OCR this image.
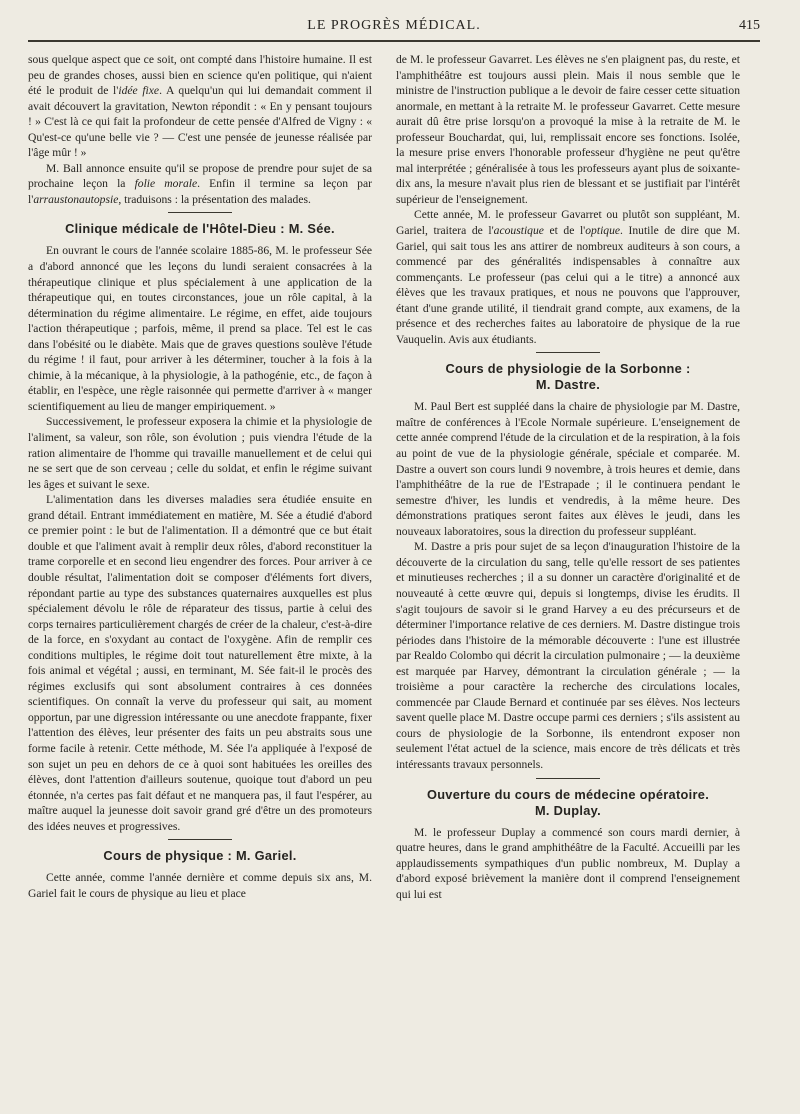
LE PROGRÈS MÉDICAL.	415

sous quelque aspect que ce soit, ont compté dans l'histoire humaine. Il est peu de grandes choses, aussi bien en science qu'en politique, qui n'aient été le produit de l'idée fixe. A quelqu'un qui lui demandait comment il avait découvert la gravitation, Newton répondit : « En y pensant toujours ! » C'est là ce qui fait la profondeur de cette pensée d'Alfred de Vigny : « Qu'est-ce qu'une belle vie ? — C'est une pensée de jeunesse réalisée par l'âge mûr ! »

M. Ball annonce ensuite qu'il se propose de prendre pour sujet de sa prochaine leçon la folie morale. Enfin il termine sa leçon par l'arraustonautopsie, traduisons : la présentation des malades.

Clinique médicale de l'Hôtel-Dieu : M. Sée.

En ouvrant le cours de l'année scolaire 1885-86, M. le professeur Sée a d'abord annoncé que les leçons du lundi seraient consacrées à la thérapeutique clinique et plus spécialement à une application de la thérapeutique qui, en toutes circonstances, joue un rôle capital, à la détermination du régime alimentaire. Le régime, en effet, aide toujours l'action thérapeutique ; parfois, même, il prend sa place. Tel est le cas dans l'obésité ou le diabète. Mais que de graves questions soulève l'étude du régime ! il faut, pour arriver à les déterminer, toucher à la fois à la chimie, à la mécanique, à la physiologie, à la pathogénie, etc., de façon à établir, en l'espèce, une règle raisonnée qui permette d'arriver à « manger scientifiquement au lieu de manger empiriquement. »

Successivement, le professeur exposera la chimie et la physiologie de l'aliment, sa valeur, son rôle, son évolution ; puis viendra l'étude de la ration alimentaire de l'homme qui travaille manuellement et de celui qui ne se sert que de son cerveau ; celle du soldat, et enfin le régime suivant les âges et suivant le sexe.

L'alimentation dans les diverses maladies sera étudiée ensuite en grand détail. Entrant immédiatement en matière, M. Sée a étudié d'abord ce premier point : le but de l'alimentation. Il a démontré que ce but était double et que l'aliment avait à remplir deux rôles, d'abord reconstituer la trame corporelle et en second lieu engendrer des forces. Pour arriver à ce double résultat, l'alimentation doit se composer d'éléments fort divers, répondant partie au type des substances quaternaires auxquelles est plus spécialement dévolu le rôle de réparateur des tissus, partie à celui des corps ternaires particulièrement chargés de créer de la chaleur, c'est-à-dire de la force, en s'oxydant au contact de l'oxygène. Afin de remplir ces conditions multiples, le régime doit tout naturellement être mixte, à la fois animal et végétal ; aussi, en terminant, M. Sée fait-il le procès des régimes exclusifs qui sont absolument contraires à ces données scientifiques. On connaît la verve du professeur qui sait, au moment opportun, par une digression intéressante ou une anecdote frappante, fixer l'attention des élèves, leur présenter des faits un peu abstraits sous une forme facile à retenir. Cette méthode, M. Sée l'a appliquée à l'exposé de son sujet un peu en dehors de ce à quoi sont habituées les oreilles des élèves, dont l'attention d'ailleurs soutenue, quoique tout d'abord un peu étonnée, n'a certes pas fait défaut et ne manquera pas, il faut l'espérer, au maître auquel la jeunesse doit savoir grand gré d'être un des promoteurs des idées neuves et progressives.

Cours de physique : M. Gariel.

Cette année, comme l'année dernière et comme depuis six ans, M. Gariel fait le cours de physique au lieu et place

de M. le professeur Gavarret. Les élèves ne s'en plaignent pas, du reste, et l'amphithéâtre est toujours aussi plein. Mais il nous semble que le ministre de l'instruction publique a le devoir de faire cesser cette situation anormale, en mettant à la retraite M. le professeur Gavarret. Cette mesure aurait dû être prise lorsqu'on a provoqué la mise à la retraite de M. le professeur Bouchardat, qui, lui, remplissait encore ses fonctions. Isolée, la mesure prise envers l'honorable professeur d'hygiène ne peut qu'être mal interprétée ; généralisée à tous les professeurs ayant plus de soixante-dix ans, la mesure n'avait plus rien de blessant et se justifiait par l'intérêt supérieur de l'enseignement.

Cette année, M. le professeur Gavarret ou plutôt son suppléant, M. Gariel, traitera de l'acoustique et de l'optique. Inutile de dire que M. Gariel, qui sait tous les ans attirer de nombreux auditeurs à son cours, a commencé par des généralités indispensables à connaître aux commençants. Le professeur (pas celui qui a le titre) a annoncé aux élèves que les travaux pratiques, et nous ne pouvons que l'approuver, étant d'une grande utilité, il tiendrait grand compte, aux examens, de la présence et des recherches faites au laboratoire de physique de la rue Vauquelin. Avis aux étudiants.

Cours de physiologie de la Sorbonne :
M. Dastre.

M. Paul Bert est suppléé dans la chaire de physiologie par M. Dastre, maître de conférences à l'Ecole Normale supérieure. L'enseignement de cette année comprend l'étude de la circulation et de la respiration, à la fois au point de vue de la physiologie générale, spéciale et comparée. M. Dastre a ouvert son cours lundi 9 novembre, à trois heures et demie, dans l'amphithéâtre de la rue de l'Estrapade ; il le continuera pendant le semestre d'hiver, les lundis et vendredis, à la même heure. Des démonstrations pratiques seront faites aux élèves le jeudi, dans les nouveaux laboratoires, sous la direction du professeur suppléant.

M. Dastre a pris pour sujet de sa leçon d'inauguration l'histoire de la découverte de la circulation du sang, telle qu'elle ressort de ses patientes et minutieuses recherches ; il a su donner un caractère d'originalité et de nouveauté à cette œuvre qui, depuis si longtemps, divise les érudits. Il s'agit toujours de savoir si le grand Harvey a eu des précurseurs et de déterminer l'importance relative de ces derniers. M. Dastre distingue trois périodes dans l'histoire de la mémorable découverte : l'une est illustrée par Realdo Colombo qui décrit la circulation pulmonaire ; — la deuxième est marquée par Harvey, démontrant la circulation générale ; — la troisième a pour caractère la recherche des circulations locales, commencée par Claude Bernard et continuée par ses élèves. Nos lecteurs savent quelle place M. Dastre occupe parmi ces derniers ; s'ils assistent au cours de physiologie de la Sorbonne, ils entendront exposer non seulement l'état actuel de la science, mais encore de très délicats et très intéressants travaux personnels.

Ouverture du cours de médecine opératoire.
M. Duplay.

M. le professeur Duplay a commencé son cours mardi dernier, à quatre heures, dans le grand amphithéâtre de la Faculté. Accueilli par les applaudissements sympathiques d'un public nombreux, M. Duplay a d'abord exposé brièvement la manière dont il comprend l'enseignement qui lui est
